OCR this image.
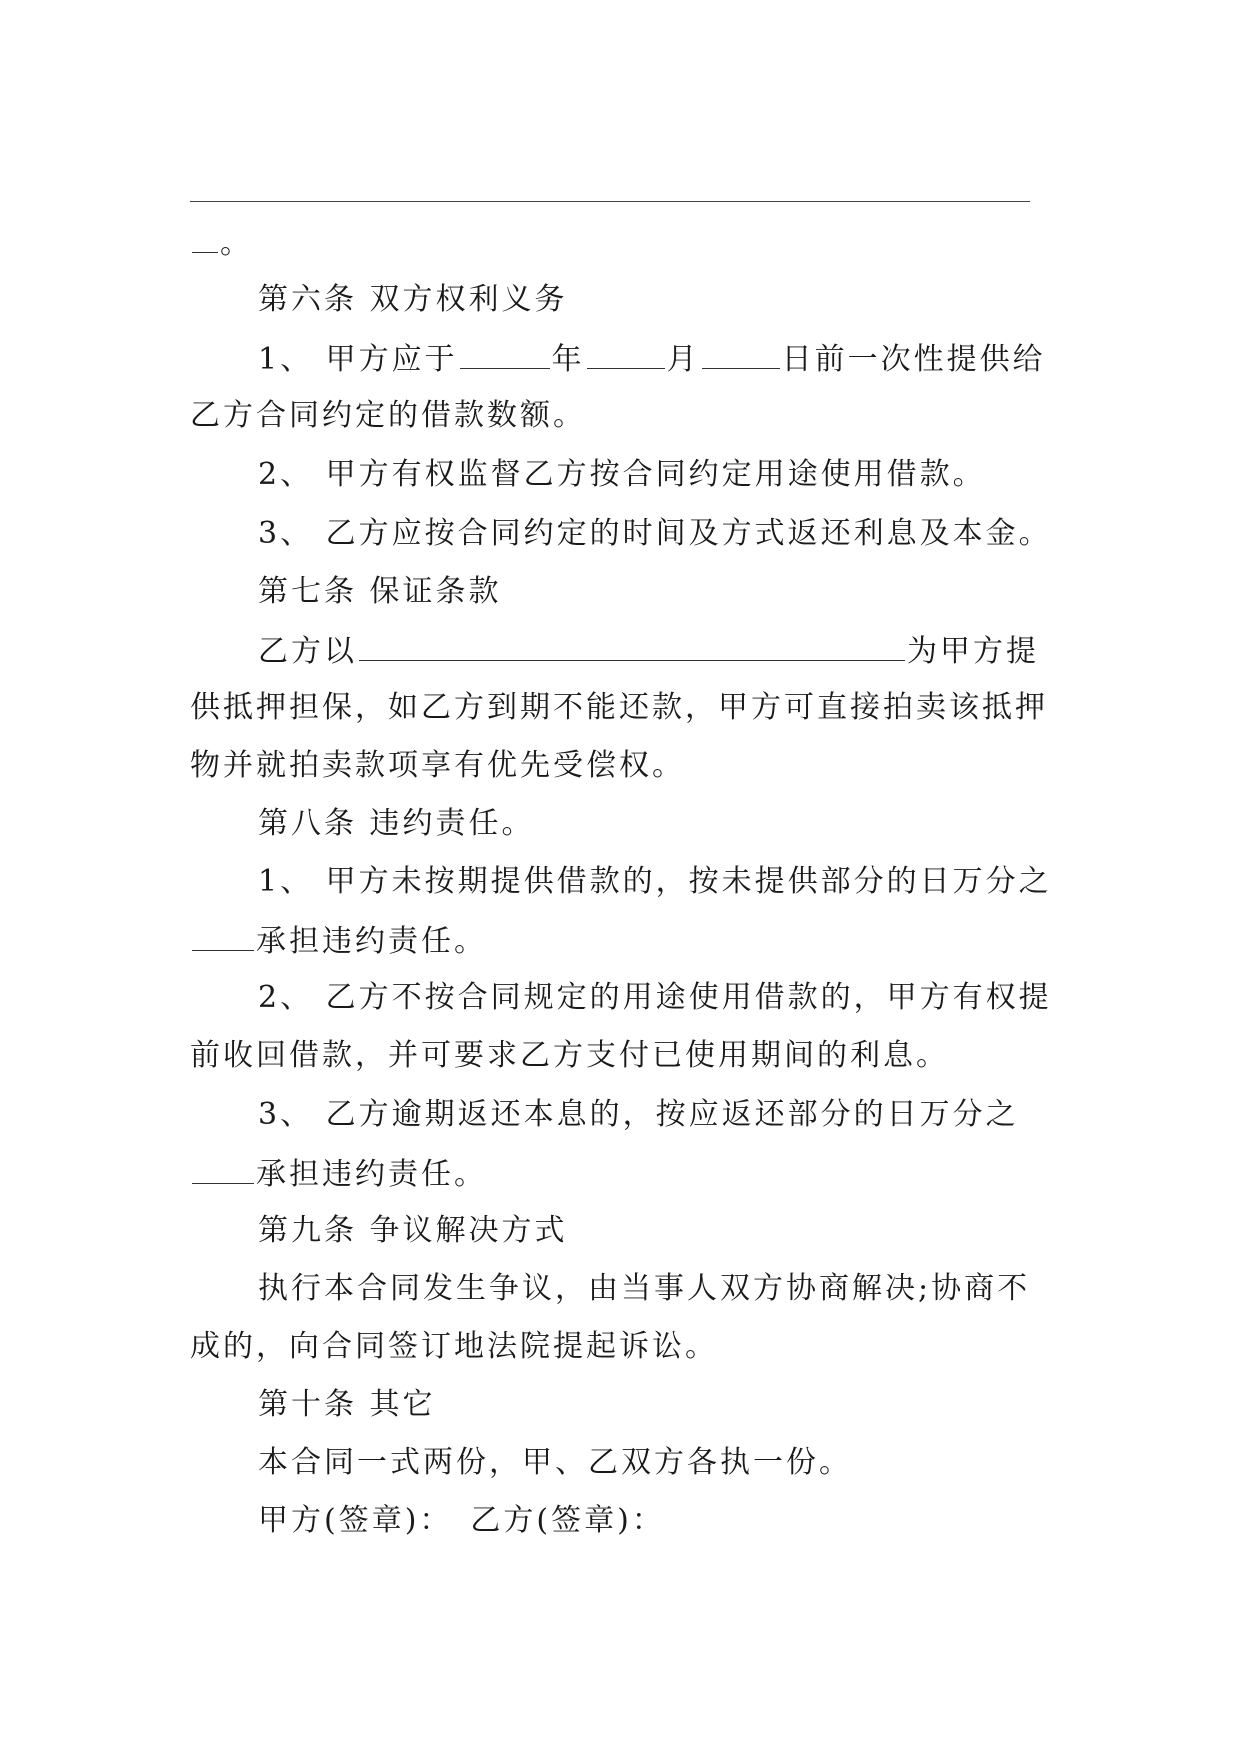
。
第六条 双方权利义务
1、 甲方应于	年	月	日前一次性提供给
乙方合同约定的借款数额。
2、 甲方有权监督乙方按合同约定用途使用借款。
3、 乙方应按合同约定的时间及方式返还利息及本金。
第七条 保证条款
乙方以	为甲方提
供抵押担保，如乙方到期不能还款，甲方可直接拍卖该抵押
物并就拍卖款项享有优先受偿权。
第八条 违约责任。
1、 甲方未按期提供借款的，按未提供部分的日万分之
承担违约责任。
2、 乙方不按合同规定的用途使用借款的，甲方有权提
前收回借款，并可要求乙方支付已使用期间的利息。
3、 乙方逾期返还本息的，按应返还部分的日万分之
承担违约责任。
第九条 争议解决方式
执行本合同发生争议，由当事人双方协商解决;协商不
成的，向合同签订地法院提起诉讼。
第十条 其它
本合同一式两份，甲、乙双方各执一份。
甲方(签章)： 乙方(签章)：
